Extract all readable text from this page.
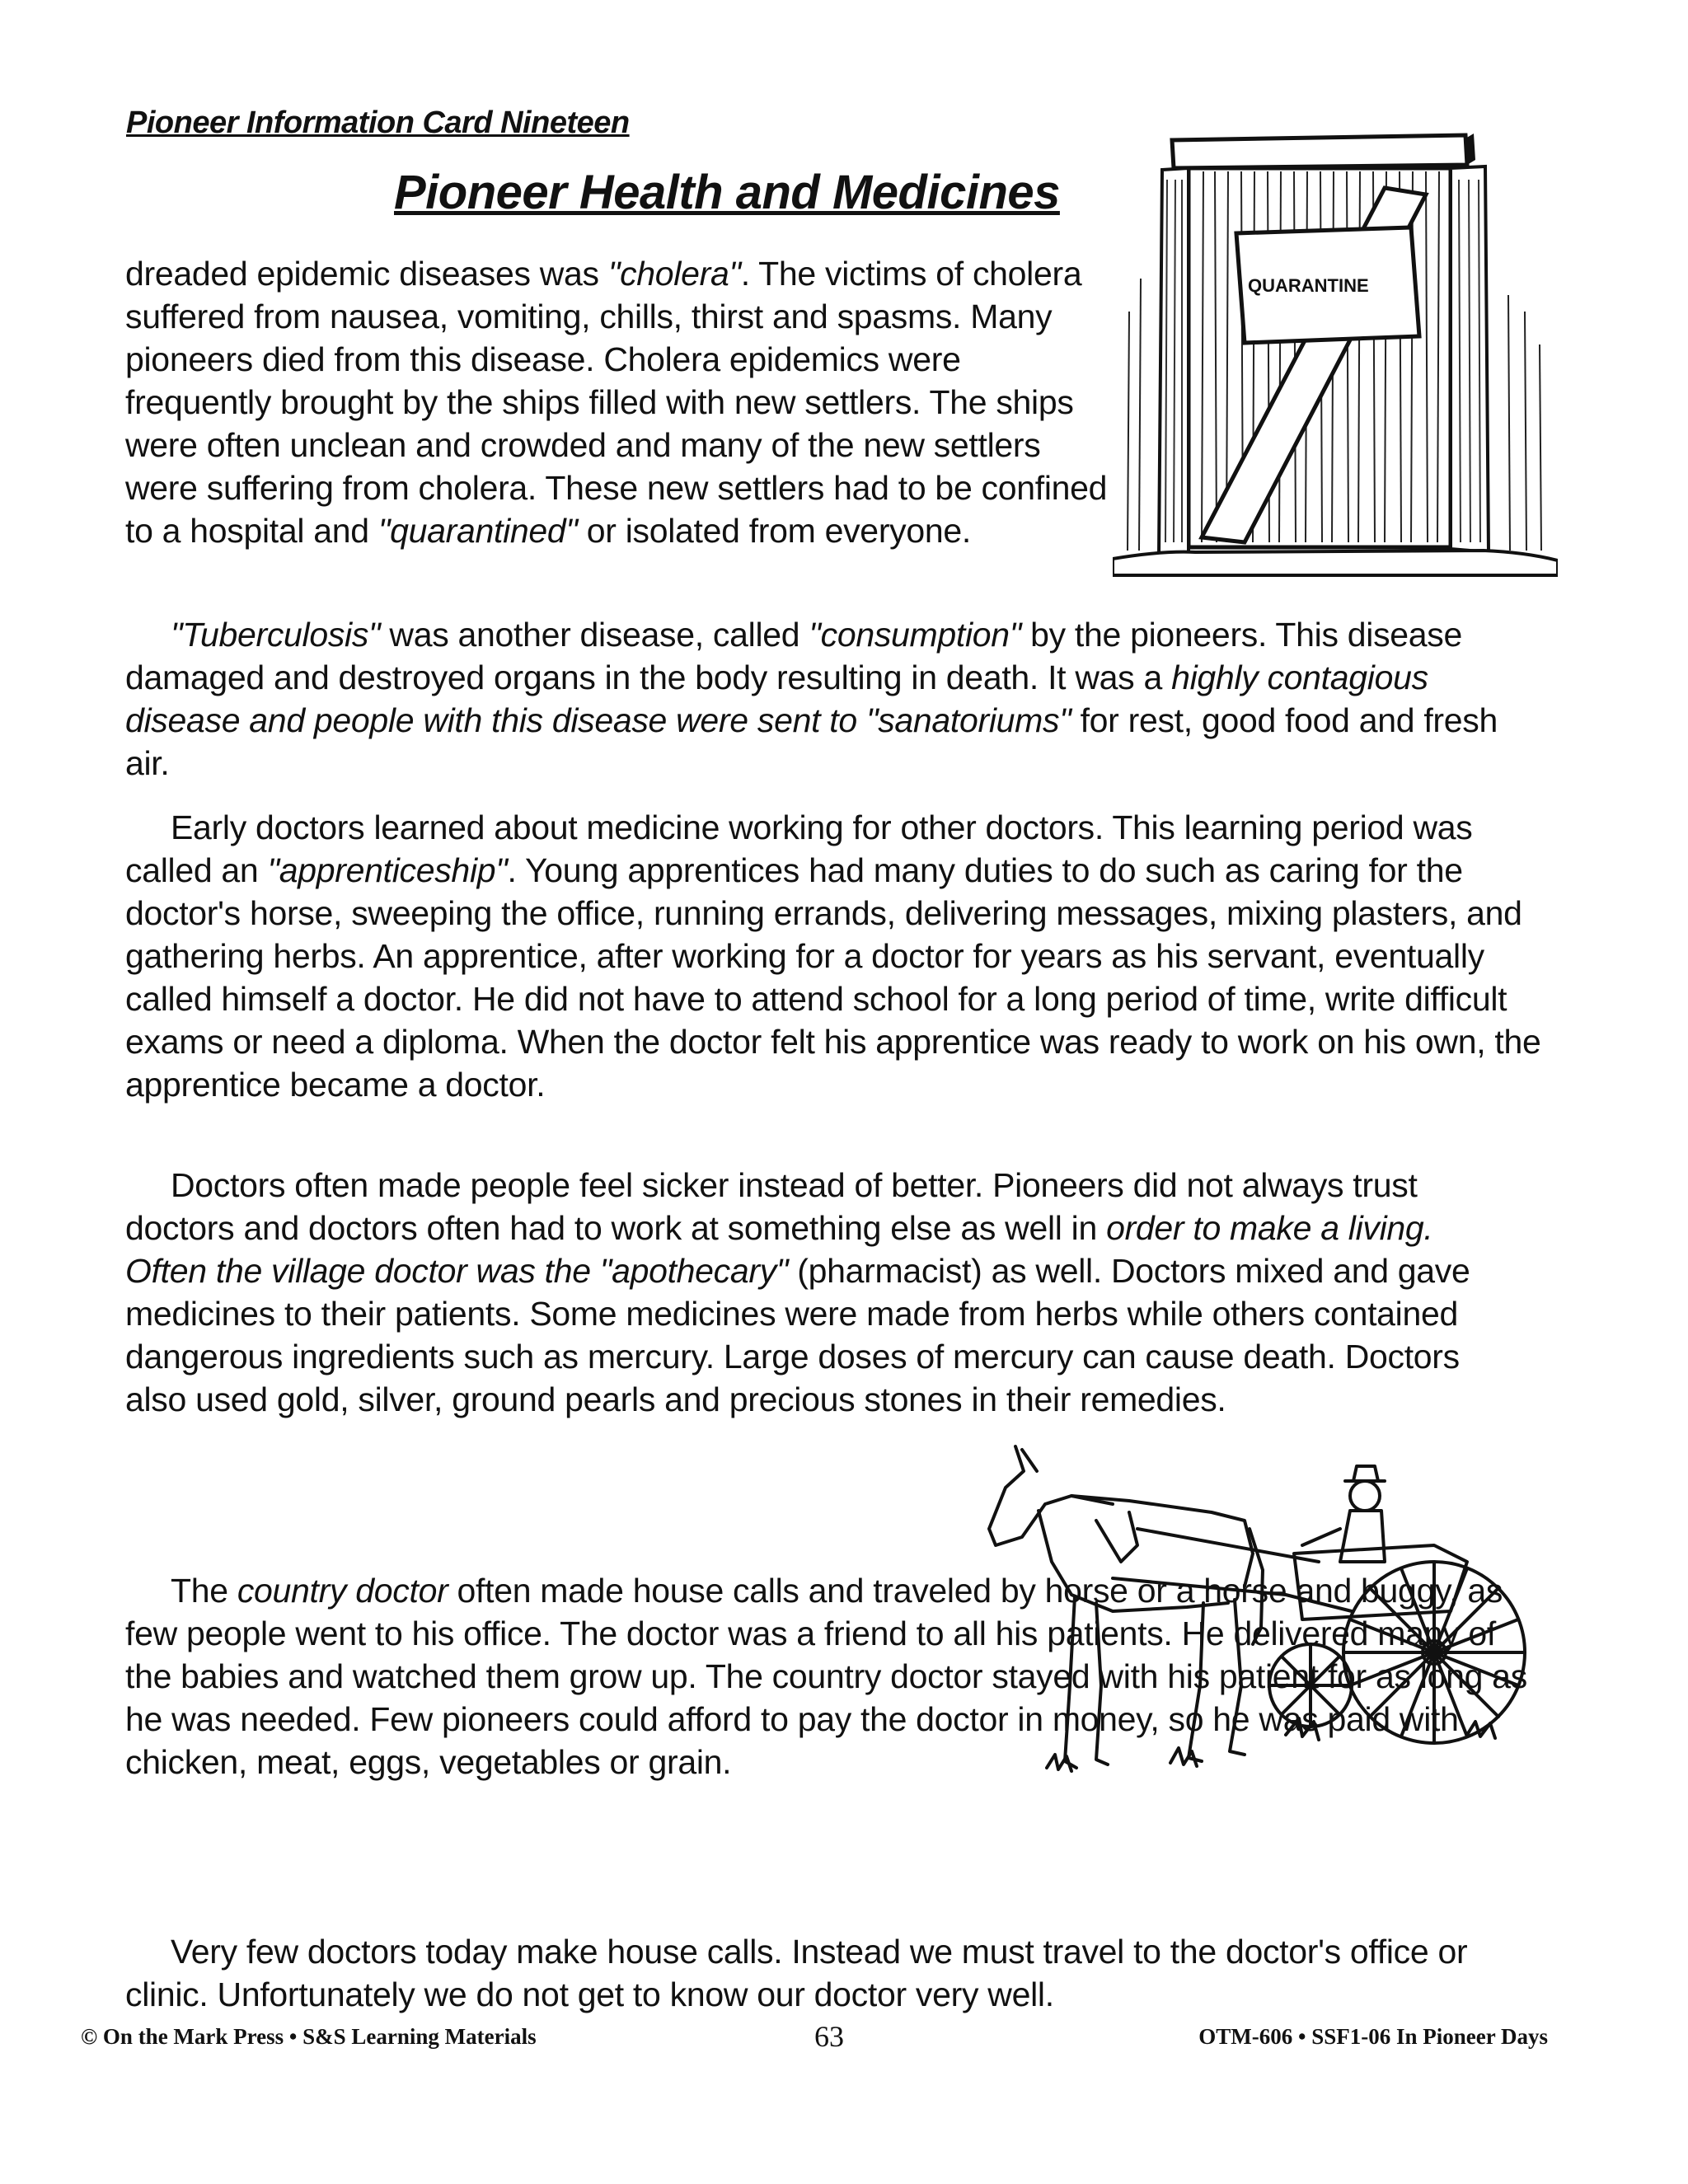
Pioneer Information Card Nineteen
Pioneer Health and Medicines
QUARANTINE

dreaded epidemic diseases was "cholera". The victims of cholera suffered from nausea, vomiting, chills, thirst and spasms. Many pioneers died from this disease. Cholera epidemics were frequently brought by the ships filled with new settlers. The ships were often unclean and crowded and many of the new settlers were suffering from cholera. These new settlers had to be confined to a hospital and "quarantined" or isolated from everyone.

"Tuberculosis" was another disease, called "consumption" by the pioneers. This disease damaged and destroyed organs in the body resulting in death. It was a highly contagious disease and people with this disease were sent to "sanatoriums" for rest, good food and fresh air.

Early doctors learned about medicine working for other doctors. This learning period was called an "apprenticeship". Young apprentices had many duties to do such as caring for the doctor's horse, sweeping the office, running errands, delivering messages, mixing plasters, and gathering herbs. An apprentice, after working for a doctor for years as his servant, eventually called himself a doctor. He did not have to attend school for a long period of time, write difficult exams or need a diploma. When the doctor felt his apprentice was ready to work on his own, the apprentice became a doctor.

Doctors often made people feel sicker instead of better. Pioneers did not always trust doctors and doctors often had to work at something else as well in order to make a living. Often the village doctor was the "apothecary" (pharmacist) as well. Doctors mixed and gave medicines to their patients. Some medicines were made from herbs while others contained dangerous ingredients such as mercury. Large doses of mercury can cause death. Doctors also used gold, silver, ground pearls and precious stones in their remedies.

The country doctor often made house calls and traveled by horse or a horse and buggy, as few people went to his office. The doctor was a friend to all his patients. He delivered many of the babies and watched them grow up. The country doctor stayed with his patient for as long as he was needed. Few pioneers could afford to pay the doctor in money, so he was paid with chicken, meat, eggs, vegetables or grain.

Very few doctors today make house calls. Instead we must travel to the doctor's office or clinic. Unfortunately we do not get to know our doctor very well.

© On the Mark Press • S&S Learning Materials	63	OTM-606 • SSF1-06 In Pioneer Days
